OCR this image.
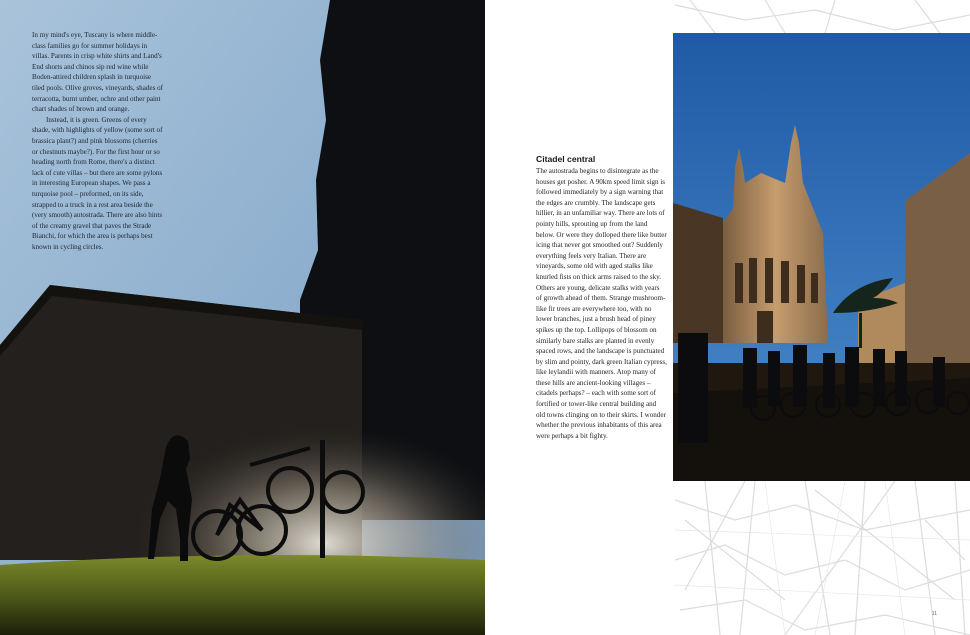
In my mind's eye, Tuscany is where middle-class families go for summer holidays in villas. Parents in crisp white shirts and Land's End shorts and chinos sip red wine while Boden-attired children splash in turquoise tiled pools. Olive groves, vineyards, shades of terracotta, burnt umber, ochre and other paint chart shades of brown and orange.

Instead, it is green. Greens of every shade, with highlights of yellow (some sort of brassica plant?) and pink blossoms (cherries or chestnuts maybe?). For the first hour or so heading north from Rome, there's a distinct lack of cute villas – but there are some pylons in interesting European shapes. We pass a turquoise pool – preformed, on its side, strapped to a truck in a rest area beside the (very smooth) autostrada. There are also hints of the creamy gravel that paves the Strade Bianchi, for which the area is perhaps best known in cycling circles.

Citadel central

The autostrada begins to disintegrate as the houses get posher. A 90km speed limit sign is followed immediately by a sign warning that the edges are crumbly. The landscape gets hillier, in an unfamiliar way. There are lots of pointy hills, sprouting up from the land below. Or were they dolloped there like butter icing that never got smoothed out? Suddenly everything feels very Italian. There are vineyards, some old with aged stalks like knurled fists on thick arms raised to the sky. Others are young, delicate stalks with years of growth ahead of them. Strange mushroom-like fir trees are everywhere too, with no lower branches, just a brush head of piney spikes up the top. Lollipops of blossom on similarly bare stalks are planted in evenly spaced rows, and the landscape is punctuated by slim and pointy, dark green Italian cypress, like leylandii with manners. Atop many of these hills are ancient-looking villages – citadels perhaps? – each with some sort of fortified or tower-like central building and old towns clinging on to their skirts. I wonder whether the previous inhabitants of this area were perhaps a bit fighty.

11
